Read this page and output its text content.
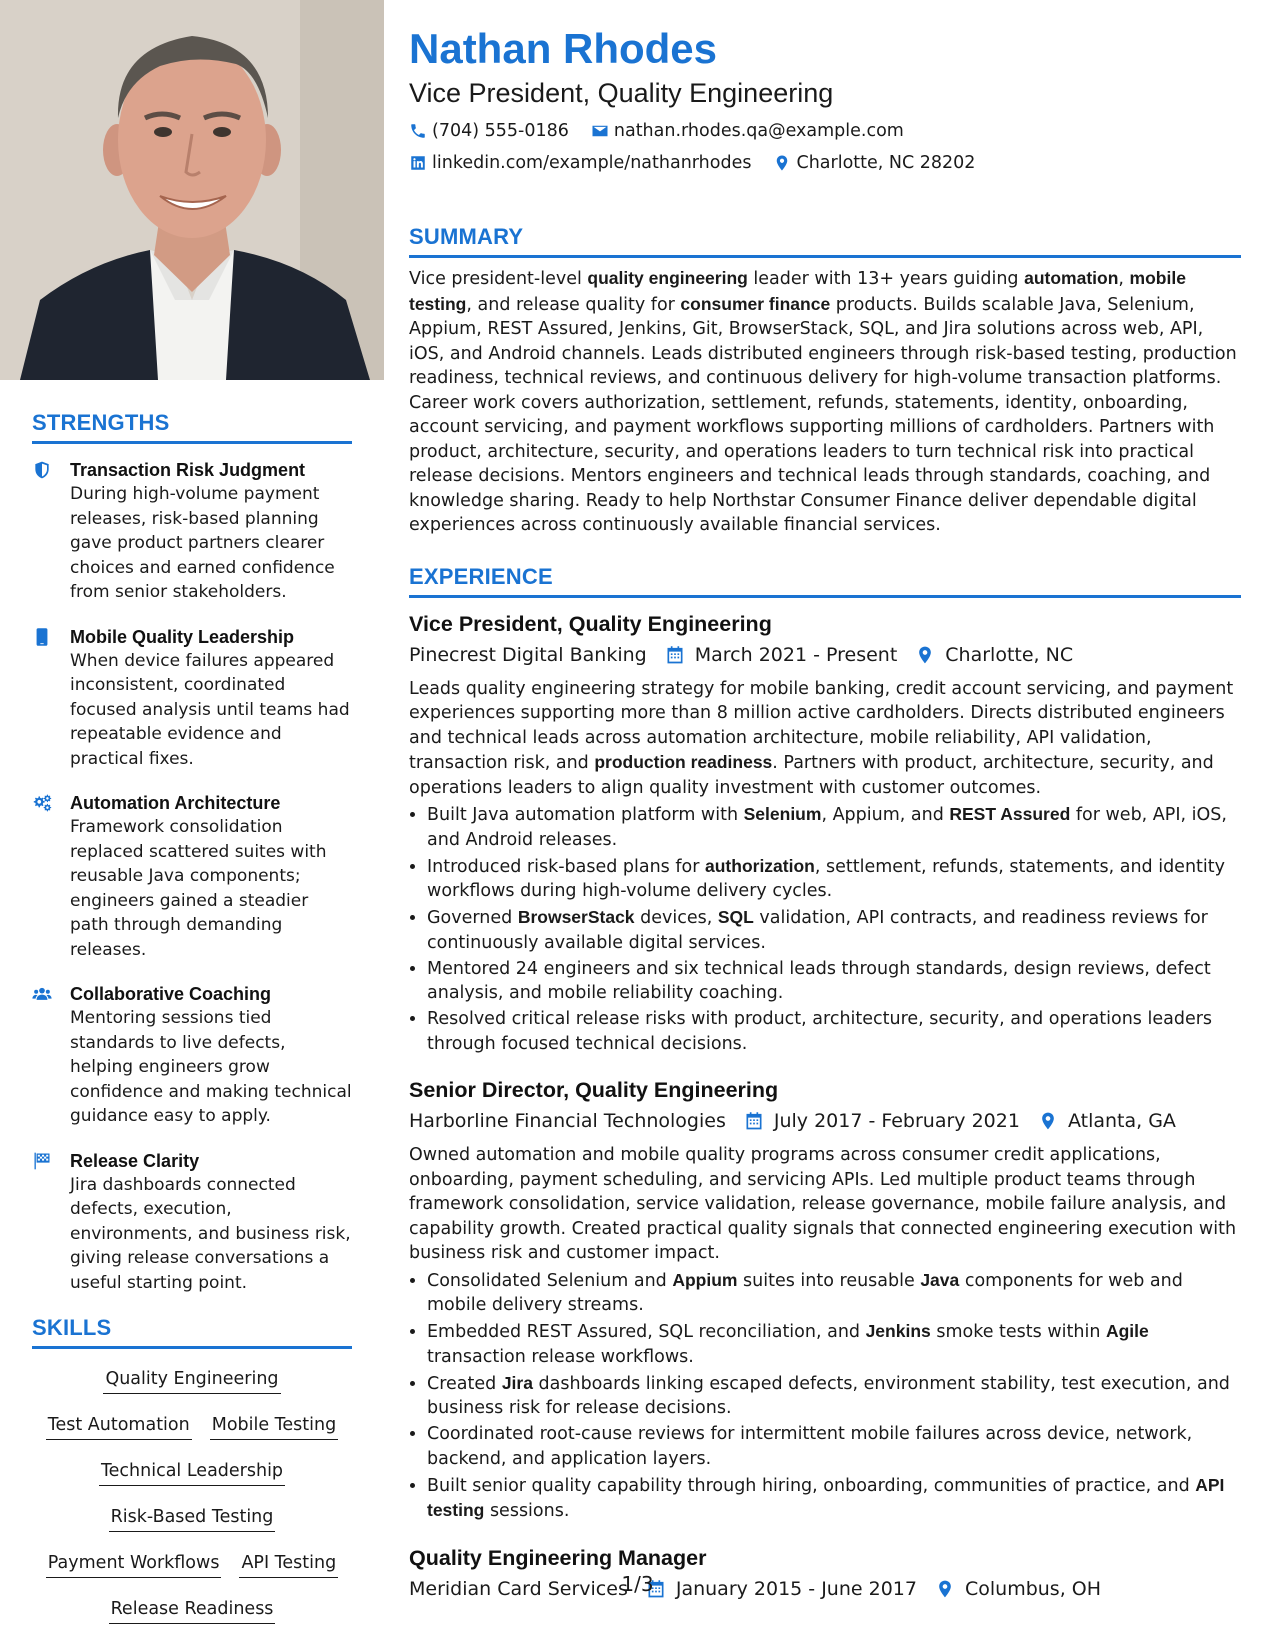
STRENGTHS
Transaction Risk Judgment
During high-volume payment releases, risk-based planning gave product partners clearer choices and earned confidence from senior stakeholders.
Mobile Quality Leadership
When device failures appeared inconsistent, coordinated focused analysis until teams had repeatable evidence and practical fixes.
Automation Architecture
Framework consolidation replaced scattered suites with reusable Java components; engineers gained a steadier path through demanding releases.
Collaborative Coaching
Mentoring sessions tied standards to live defects, helping engineers grow confidence and making technical guidance easy to apply.
Release Clarity
Jira dashboards connected defects, execution, environments, and business risk, giving release conversations a useful starting point.
SKILLS
Quality Engineering
Test Automation Mobile Testing
Technical Leadership
Risk-Based Testing
Payment Workflows API Testing
Release Readiness
Nathan Rhodes
Vice President, Quality Engineering
(704) 555-0186	nathan.rhodes.qa@example.com
linkedin.com/example/nathanrhodes	Charlotte, NC 28202
SUMMARY

Vice president-level quality engineering leader with 13+ years guiding automation, mobile testing, and release quality for consumer finance products. Builds scalable Java, Selenium, Appium, REST Assured, Jenkins, Git, BrowserStack, SQL, and Jira solutions across web, API, iOS, and Android channels. Leads distributed engineers through risk-based testing, production readiness, technical reviews, and continuous delivery for high-volume transaction platforms. Career work covers authorization, settlement, refunds, statements, identity, onboarding, account servicing, and payment workflows supporting millions of cardholders. Partners with product, architecture, security, and operations leaders to turn technical risk into practical release decisions. Mentors engineers and technical leads through standards, coaching, and knowledge sharing. Ready to help Northstar Consumer Finance deliver dependable digital experiences across continuously available financial services.

EXPERIENCE
Vice President, Quality Engineering
Pinecrest Digital Banking	March 2021 - Present	Charlotte, NC
Leads quality engineering strategy for mobile banking, credit account servicing, and payment experiences supporting more than 8 million active cardholders. Directs distributed engineers and technical leads across automation architecture, mobile reliability, API validation, transaction risk, and production readiness. Partners with product, architecture, security, and operations leaders to align quality investment with customer outcomes.
• Built Java automation platform with Selenium, Appium, and REST Assured for web, API, iOS, and Android releases.
• Introduced risk-based plans for authorization, settlement, refunds, statements, and identity workflows during high-volume delivery cycles.
• Governed BrowserStack devices, SQL validation, API contracts, and readiness reviews for continuously available digital services.
• Mentored 24 engineers and six technical leads through standards, design reviews, defect analysis, and mobile reliability coaching.
• Resolved critical release risks with product, architecture, security, and operations leaders through focused technical decisions.
Senior Director, Quality Engineering
Harborline Financial Technologies	July 2017 - February 2021	Atlanta, GA
Owned automation and mobile quality programs across consumer credit applications, onboarding, payment scheduling, and servicing APIs. Led multiple product teams through framework consolidation, service validation, release governance, mobile failure analysis, and capability growth. Created practical quality signals that connected engineering execution with business risk and customer impact.
• Consolidated Selenium and Appium suites into reusable Java components for web and mobile delivery streams.
• Embedded REST Assured, SQL reconciliation, and Jenkins smoke tests within Agile transaction release workflows.
• Created Jira dashboards linking escaped defects, environment stability, test execution, and business risk for release decisions.
• Coordinated root-cause reviews for intermittent mobile failures across device, network, backend, and application layers.
• Built senior quality capability through hiring, onboarding, communities of practice, and API testing sessions.
Quality Engineering Manager
Meridian Card Services	January 2015 - June 2017	Columbus, OH
1/3
